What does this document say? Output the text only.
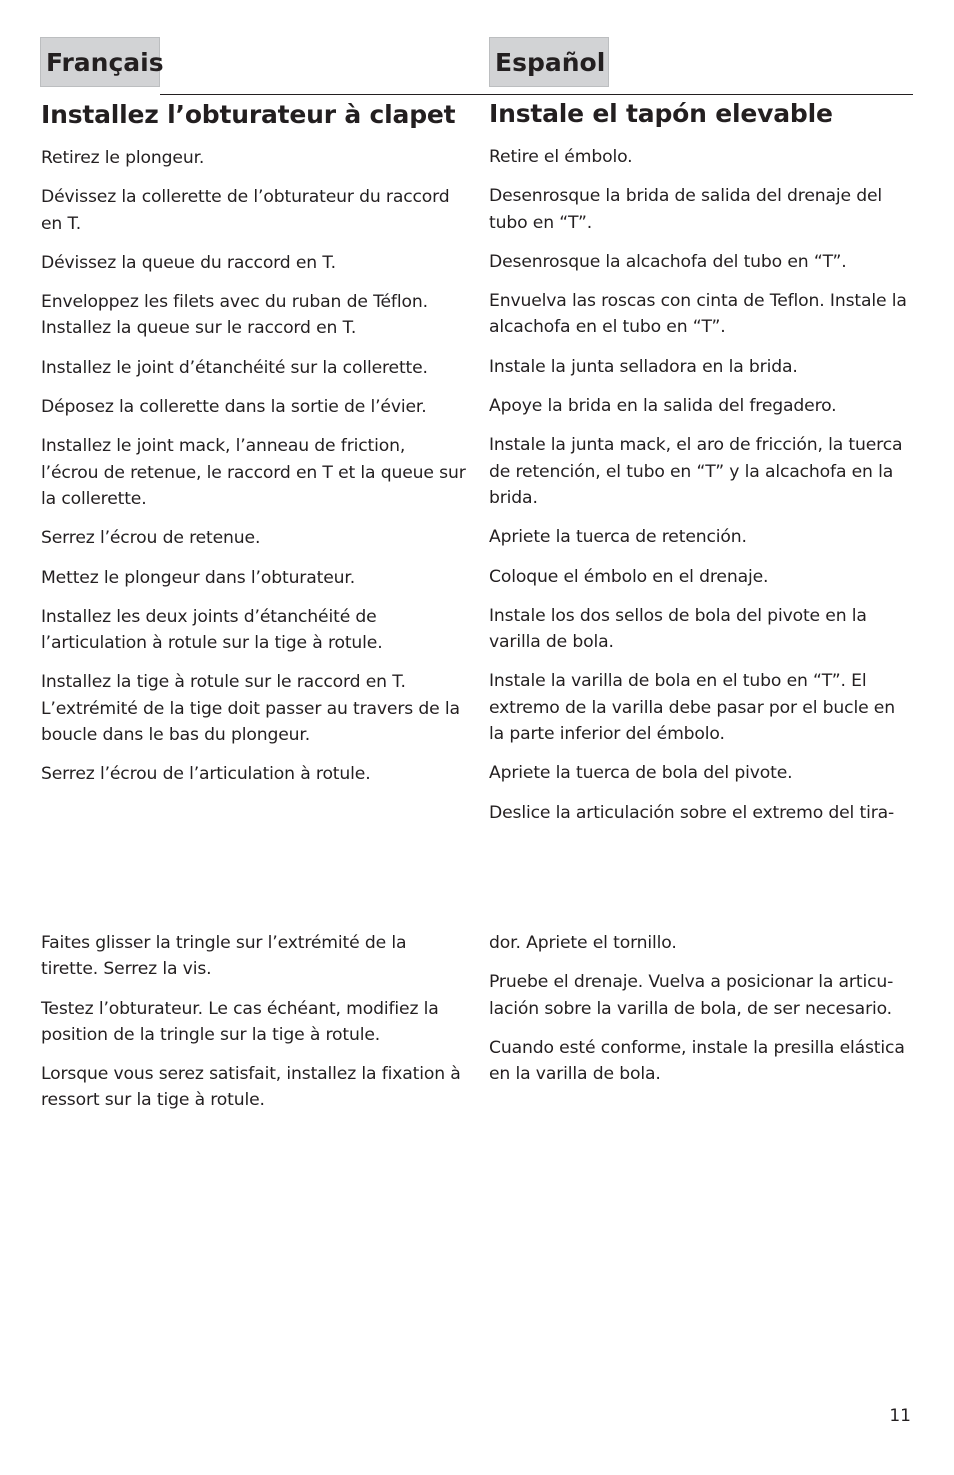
Français	Español
Installez l’obturateur à clapet

Retirez le plongeur.

Dévissez la collerette de l’obturateur du raccord en T.

Dévissez la queue du raccord en T.

Enveloppez les filets avec du ruban de Téflon. Installez la queue sur le raccord en T.

Installez le joint d’étanchéité sur la collerette.

Déposez la collerette dans la sortie de l’évier.

Installez le joint mack, l’anneau de friction, l’écrou de retenue, le raccord en T et la queue sur la collerette.

Serrez l’écrou de retenue.

Mettez le plongeur dans l’obturateur.

Installez les deux joints d’étanchéité de l’articulation à rotule sur la tige à rotule.

Installez la tige à rotule sur le raccord en T. L’extrémité de la tige doit passer au travers de la boucle dans le bas du plongeur.

Serrez l’écrou de l’articulation à rotule.

Instale el tapón elevable

Retire el émbolo.

Desenrosque la brida de salida del drenaje del tubo en “T”.

Desenrosque la alcachofa del tubo en “T”.

Envuelva las roscas con cinta de Teflon. Instale la alcachofa en el tubo en “T”.

Instale la junta selladora en la brida.

Apoye la brida en la salida del fregadero.

Instale la junta mack, el aro de fricción, la tuerca de retención, el tubo en “T” y la alcachofa en la brida.

Apriete la tuerca de retención.

Coloque el émbolo en el drenaje.

Instale los dos sellos de bola del pivote en la varilla de bola.

Instale la varilla de bola en el tubo en “T”. El extremo de la varilla debe pasar por el bucle en la parte inferior del émbolo.

Apriete la tuerca de bola del pivote.

Deslice la articulación sobre el extremo del tira-

Faites glisser la tringle sur l’extrémité de la tirette. Serrez la vis.

Testez l’obturateur. Le cas échéant, modifiez la position de la tringle sur la tige à rotule.

Lorsque vous serez satisfait, installez la fixation à ressort sur la tige à rotule.

dor. Apriete el tornillo.

Pruebe el drenaje. Vuelva a posicionar la articu-lación sobre la varilla de bola, de ser necesario.

Cuando esté conforme, instale la presilla elástica en la varilla de bola.

11
